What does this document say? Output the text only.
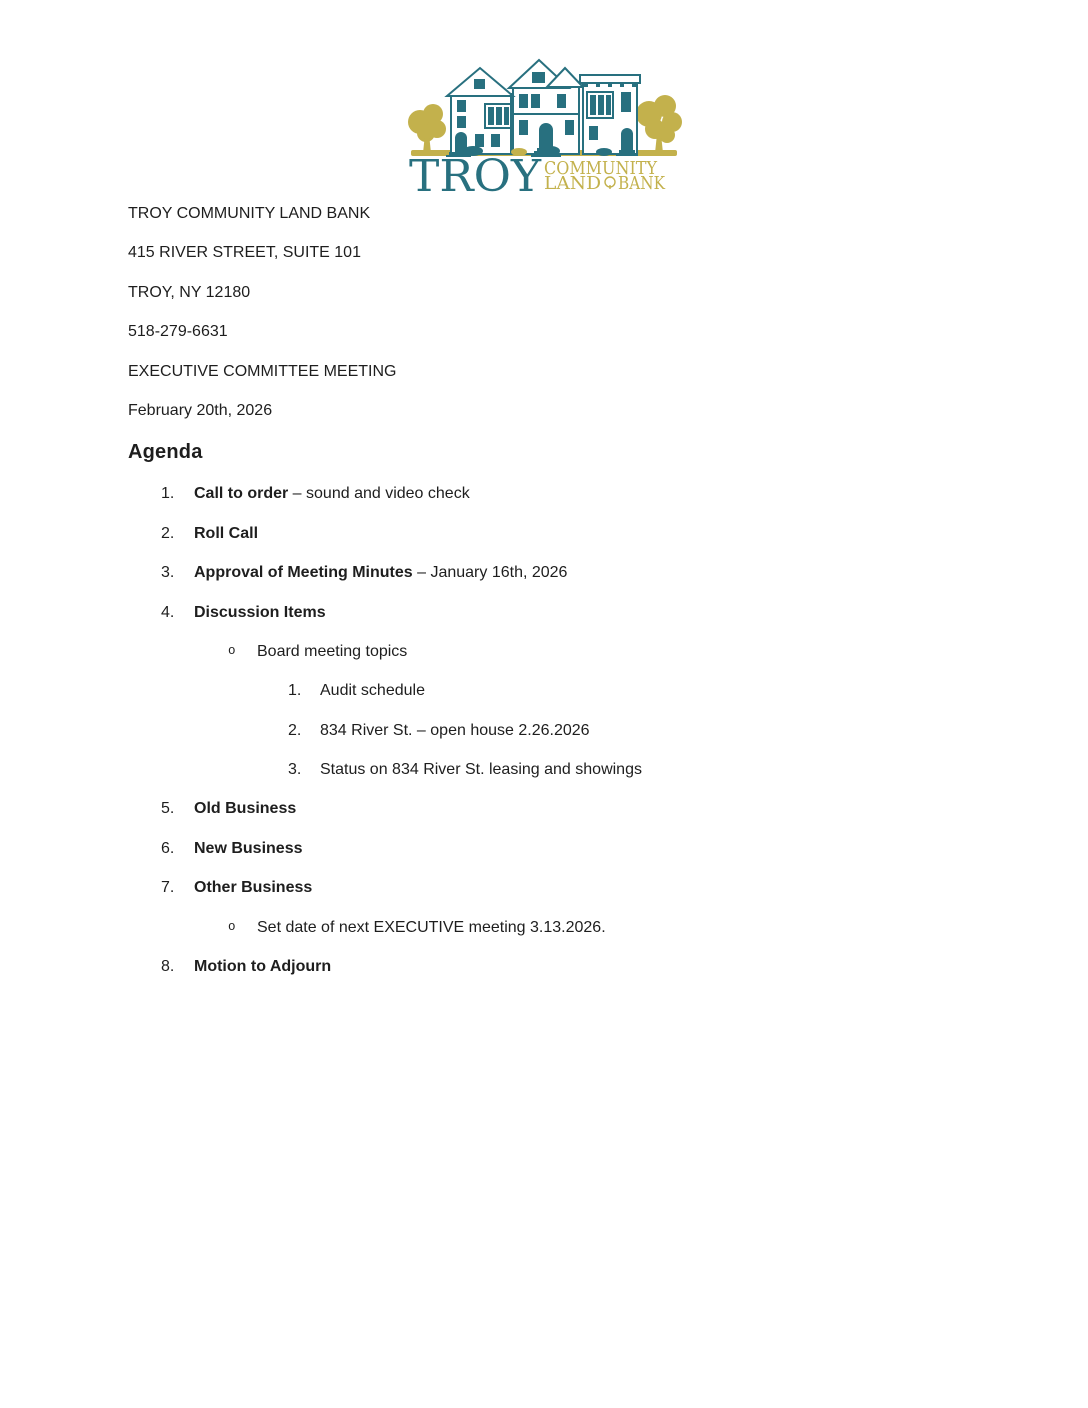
TROY COMMUNITY
LAND BANK

TROY COMMUNITY LAND BANK

415 RIVER STREET, SUITE 101

TROY, NY 12180

518-279-6631

EXECUTIVE COMMITTEE MEETING

February 20th, 2026

Agenda
1.	Call to order – sound and video check
2.	Roll Call
3.	Approval of Meeting Minutes – January 16th, 2026
4.	Discussion Items
o	Board meeting topics
1.	Audit schedule
2.	834 River St. – open house 2.26.2026
3.	Status on 834 River St. leasing and showings
5.	Old Business
6.	New Business
7.	Other Business
o	Set date of next EXECUTIVE meeting 3.13.2026.
8.	Motion to Adjourn
